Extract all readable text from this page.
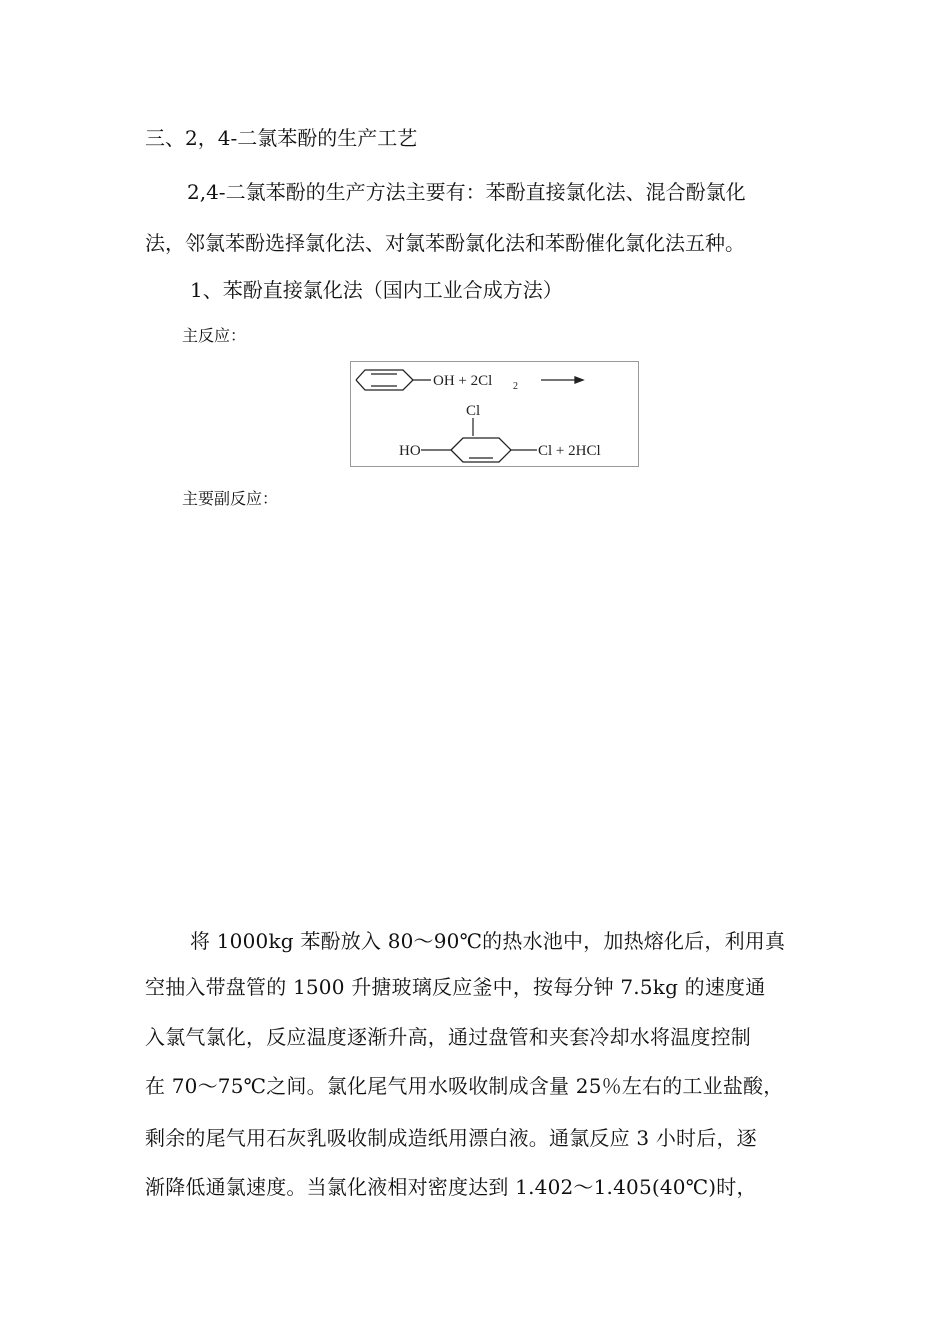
三、2，4-二氯苯酚的生产工艺
2,4-二氯苯酚的生产方法主要有：苯酚直接氯化法、混合酚氯化
法，邻氯苯酚选择氯化法、对氯苯酚氯化法和苯酚催化氯化法五种。
1、苯酚直接氯化法（国内工业合成方法）
主反应：
OH + 2Cl 2
Cl
HO	Cl + 2HCl
主要副反应：
将 1000kg 苯酚放入 80～90℃的热水池中，加热熔化后，利用真
空抽入带盘管的 1500 升搪玻璃反应釜中，按每分钟 7.5kg 的速度通
入氯气氯化，反应温度逐渐升高，通过盘管和夹套冷却水将温度控制
在 70～75℃之间。氯化尾气用水吸收制成含量 25％左右的工业盐酸，
剩余的尾气用石灰乳吸收制成造纸用漂白液。通氯反应 3 小时后，逐
渐降低通氯速度。当氯化液相对密度达到 1.402～1.405(40℃)时，
